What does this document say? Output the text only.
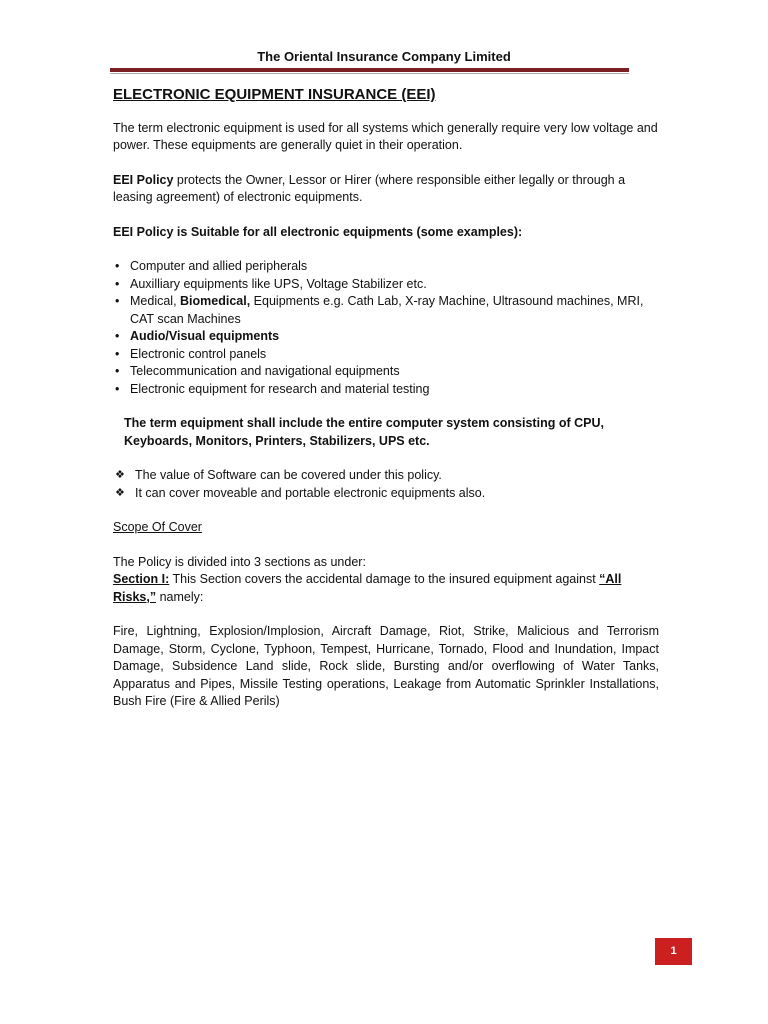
The Oriental Insurance Company Limited
ELECTRONIC EQUIPMENT INSURANCE (EEI)

The term electronic equipment is used for all systems which generally require very low voltage and power. These equipments are generally quiet in their operation.

EEI Policy protects the Owner, Lessor or Hirer (where responsible either legally or through a leasing agreement) of electronic equipments.

EEI Policy is Suitable for all electronic equipments (some examples):

• Computer and allied peripherals
• Auxilliary equipments like UPS, Voltage Stabilizer etc.
• Medical, Biomedical, Equipments e.g. Cath Lab, X-ray Machine, Ultrasound machines, MRI, CAT scan Machines
• Audio/Visual equipments
• Electronic control panels
• Telecommunication and navigational equipments
• Electronic equipment for research and material testing

The term equipment shall include the entire computer system consisting of CPU, Keyboards, Monitors, Printers, Stabilizers, UPS etc.

❖ The value of Software can be covered under this policy.
❖ It can cover moveable and portable electronic equipments also.

Scope Of Cover

The Policy is divided into 3 sections as under:

Section I: This Section covers the accidental damage to the insured equipment against “All Risks,” namely:

Fire, Lightning, Explosion/Implosion, Aircraft Damage, Riot, Strike, Malicious and Terrorism Damage, Storm, Cyclone, Typhoon, Tempest, Hurricane, Tornado, Flood and Inundation, Impact Damage, Subsidence Land slide, Rock slide, Bursting and/or overflowing of Water Tanks, Apparatus and Pipes, Missile Testing operations, Leakage from Automatic Sprinkler Installations, Bush Fire (Fire & Allied Perils)

1
